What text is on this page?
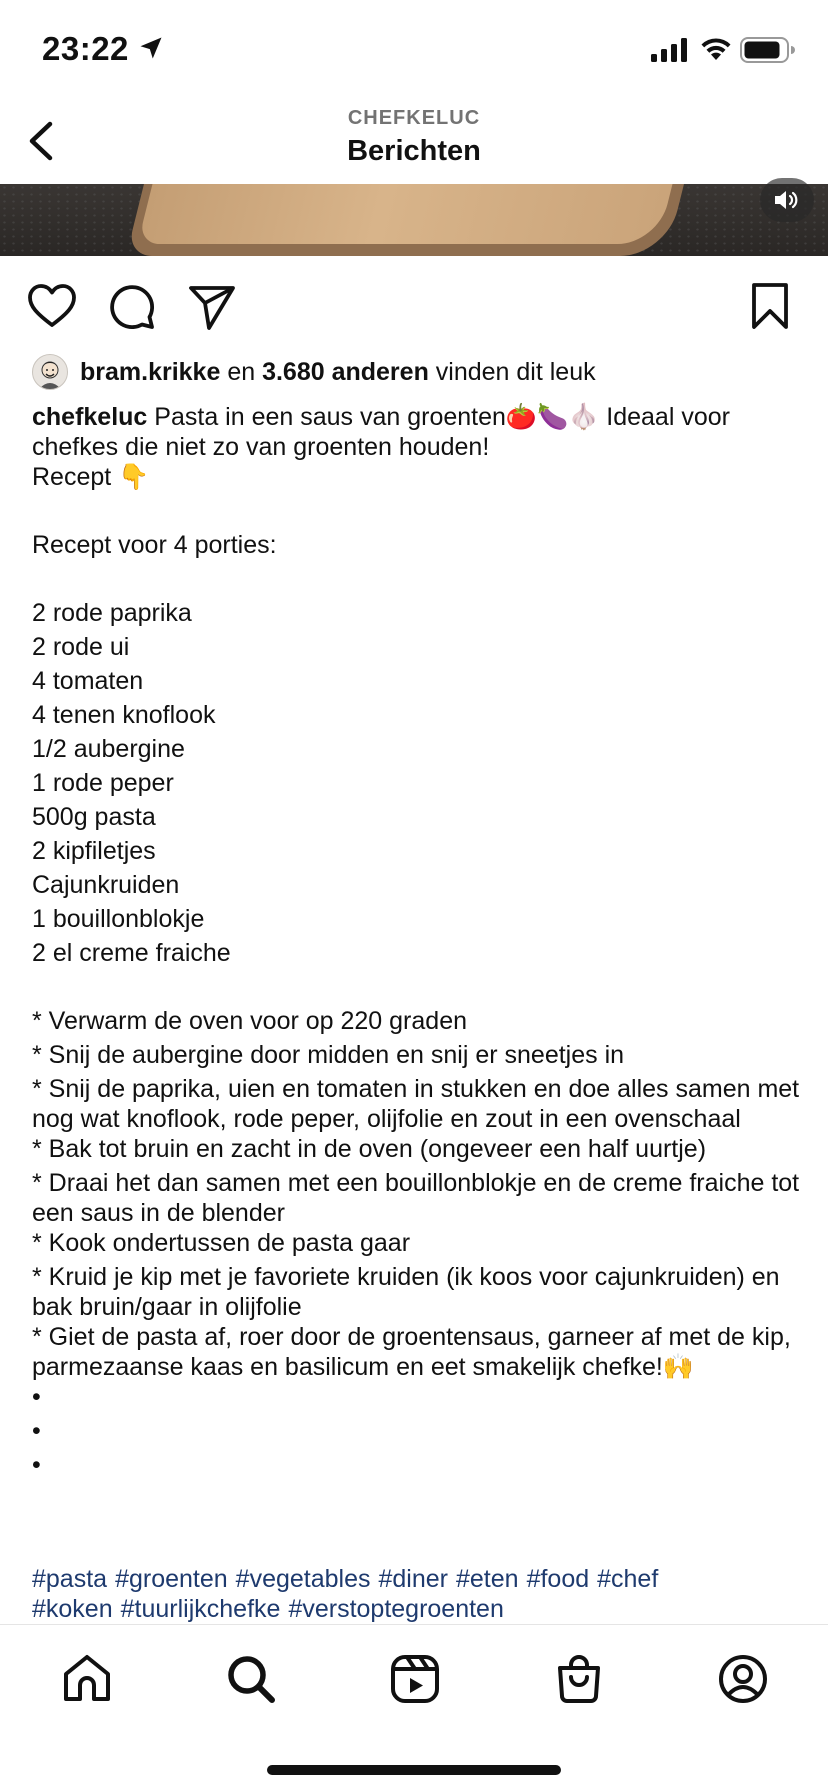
23:22
CHEFKELUC
Berichten
bram.krikke en 3.680 anderen vinden dit leuk
chefkeluc Pasta in een saus van groenten🍅🍆🧄 Ideaal voor chefkes die niet zo van groenten houden!
Recept 👇
Recept voor 4 porties:
2 rode paprika
2 rode ui
4 tomaten
4 tenen knoflook
1/2 aubergine
1 rode peper
500g pasta
2 kipfiletjes
Cajunkruiden
1 bouillonblokje
2 el creme fraiche
* Verwarm de oven voor op 220 graden
* Snij de aubergine door midden en snij er sneetjes in
* Snij de paprika, uien en tomaten in stukken en doe alles samen met nog wat knoflook, rode peper, olijfolie en zout in een ovenschaal
* Bak tot bruin en zacht in de oven (ongeveer een half uurtje)
* Draai het dan samen met een bouillonblokje en de creme fraiche tot een saus in de blender
* Kook ondertussen de pasta gaar
* Kruid je kip met je favoriete kruiden (ik koos voor cajunkruiden) en bak bruin/gaar in olijfolie
* Giet de pasta af, roer door de groentensaus, garneer af met de kip, parmezaanse kaas en basilicum en eet smakelijk chefke!🙌
•
•
•
#pasta #groenten #vegetables #diner #eten #food #chef
#koken #tuurlijkchefke #verstoptegroenten
